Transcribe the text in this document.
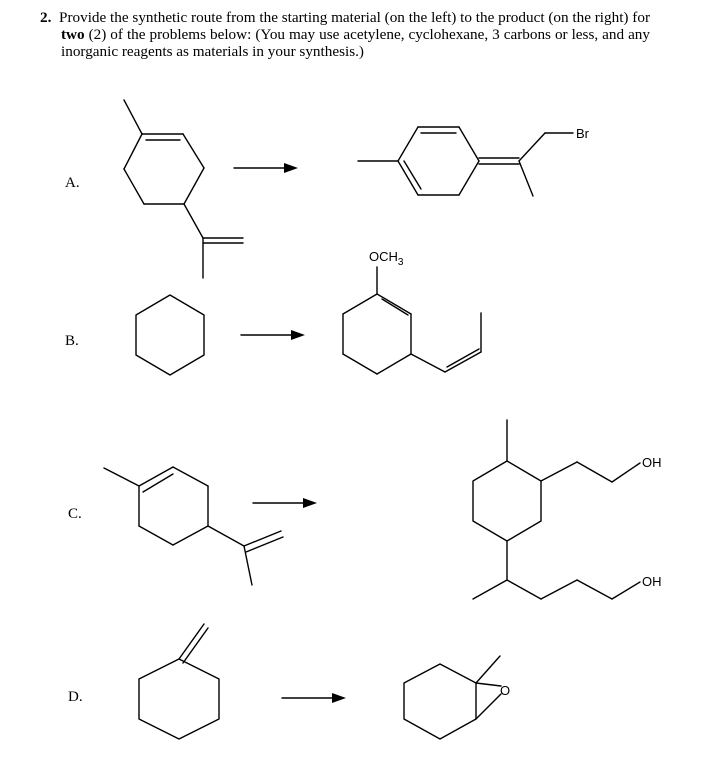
2. Provide the synthetic route from the starting material (on the left) to the product (on the right) for two (2) of the problems below: (You may use acetylene, cyclohexane, 3 carbons or less, and any inorganic reagents as materials in your synthesis.)
A.
B.
C.
D.
Br
$OCH_3$
OH
OH
O
